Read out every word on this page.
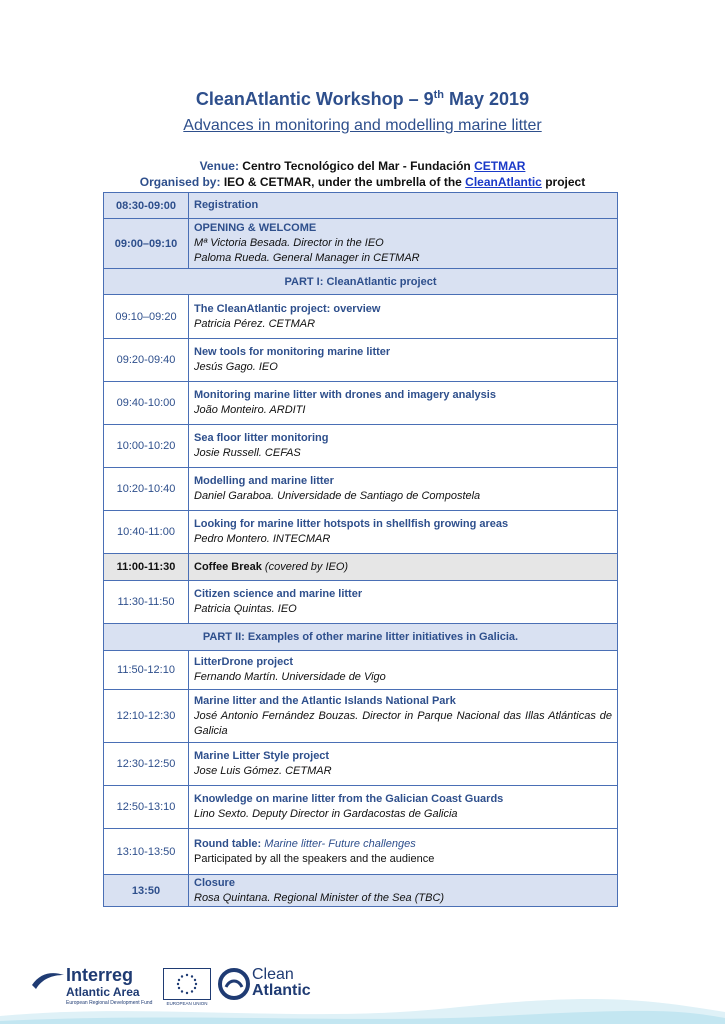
CleanAtlantic Workshop – 9th May 2019
Advances in monitoring and modelling marine litter
Venue: Centro Tecnológico del Mar - Fundación CETMAR
Organised by: IEO & CETMAR, under the umbrella of the CleanAtlantic project
08:30-09:00	Registration
09:00–09:10	OPENING & WELCOME
Mª Victoria Besada. Director in the IEO
Paloma Rueda. General Manager in CETMAR

PART I: CleanAtlantic project	
09:10–09:20	The CleanAtlantic project: overview
Patricia Pérez. CETMAR

09:20-09:40	New tools for monitoring marine litter
Jesús Gago. IEO

09:40-10:00	Monitoring marine litter with drones and imagery analysis
João Monteiro. ARDITI

10:00-10:20	Sea floor litter monitoring
Josie Russell. CEFAS

10:20-10:40	Modelling and marine litter
Daniel Garaboa. Universidade de Santiago de Compostela

10:40-11:00	Looking for marine litter hotspots in shellfish growing areas
Pedro Montero. INTECMAR

11:00-11:30	Coffee Break (covered by IEO)
11:30-11:50	Citizen science and marine litter
Patricia Quintas. IEO

PART II: Examples of other marine litter initiatives in Galicia.	
11:50-12:10	LitterDrone project
Fernando Martín. Universidade de Vigo

12:10-12:30	Marine litter and the Atlantic Islands National Park
José Antonio Fernández Bouzas. Director in Parque Nacional das Illas Atlánticas de Galicia

12:30-12:50	Marine Litter Style project
Jose Luis Gómez. CETMAR

12:50-13:10	Knowledge on marine litter from the Galician Coast Guards
Lino Sexto. Deputy Director in Gardacostas de Galicia

13:10-13:50	Round table: Marine litter- Future challenges
Participated by all the speakers and the audience

13:50	Closure
Rosa Quintana. Regional Minister of the Sea (TBC)
Interreg
Atlantic Area
European Regional Development Fund	EUROPEAN UNION
Clean
Atlantic
